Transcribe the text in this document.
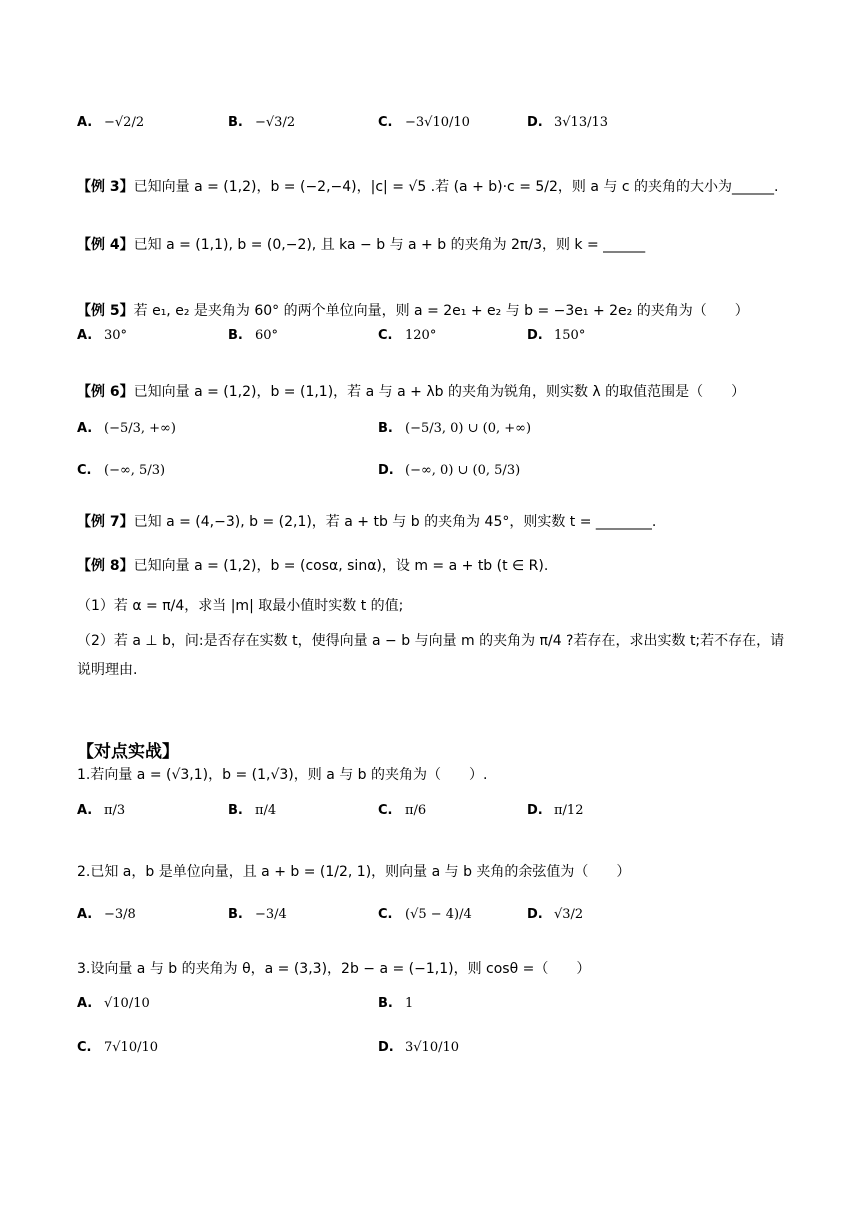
A. −√2/2	B. −√3/2	C. −3√10/10	D. 3√13/13
【例 3】已知向量 a = (1,2)，b = (−2,−4)，|c| = √5 .若 (a + b)·c = 5/2，则 a 与 c 的夹角的大小为______.
【例 4】已知 a = (1,1), b = (0,−2), 且 ka − b 与 a + b 的夹角为 2π/3，则 k = ______
【例 5】若 e₁, e₂ 是夹角为 60° 的两个单位向量，则 a = 2e₁ + e₂ 与 b = −3e₁ + 2e₂ 的夹角为（　　）
A. 30°	B. 60°	C. 120°	D. 150°
【例 6】已知向量 a = (1,2)，b = (1,1)，若 a 与 a + λb 的夹角为锐角，则实数 λ 的取值范围是（　　）
A. (−5/3, +∞)	B. (−5/3, 0) ∪ (0, +∞)
C. (−∞, 5/3)	D. (−∞, 0) ∪ (0, 5/3)
【例 7】已知 a = (4,−3), b = (2,1)，若 a + tb 与 b 的夹角为 45°，则实数 t = ________.
【例 8】已知向量 a = (1,2)，b = (cosα, sinα)，设 m = a + tb (t ∈ R).
（1）若 α = π/4，求当 |m| 取最小值时实数 t 的值;
（2）若 a ⊥ b，问:是否存在实数 t，使得向量 a − b 与向量 m 的夹角为 π/4 ?若存在，求出实数 t;若不存在，请
说明理由.
【对点实战】
1.若向量 a = (√3,1)，b = (1,√3)，则 a 与 b 的夹角为（　　）.
A. π/3	B. π/4	C. π/6	D. π/12
2.已知 a，b 是单位向量，且 a + b = (1/2, 1)，则向量 a 与 b 夹角的余弦值为（　　）
A. −3/8	B. −3/4	C. (√5 − 4)/4	D. √3/2
3.设向量 a 与 b 的夹角为 θ，a = (3,3)，2b − a = (−1,1)，则 cosθ =（　　）
A. √10/10	B. 1
C. 7√10/10	D. 3√10/10
